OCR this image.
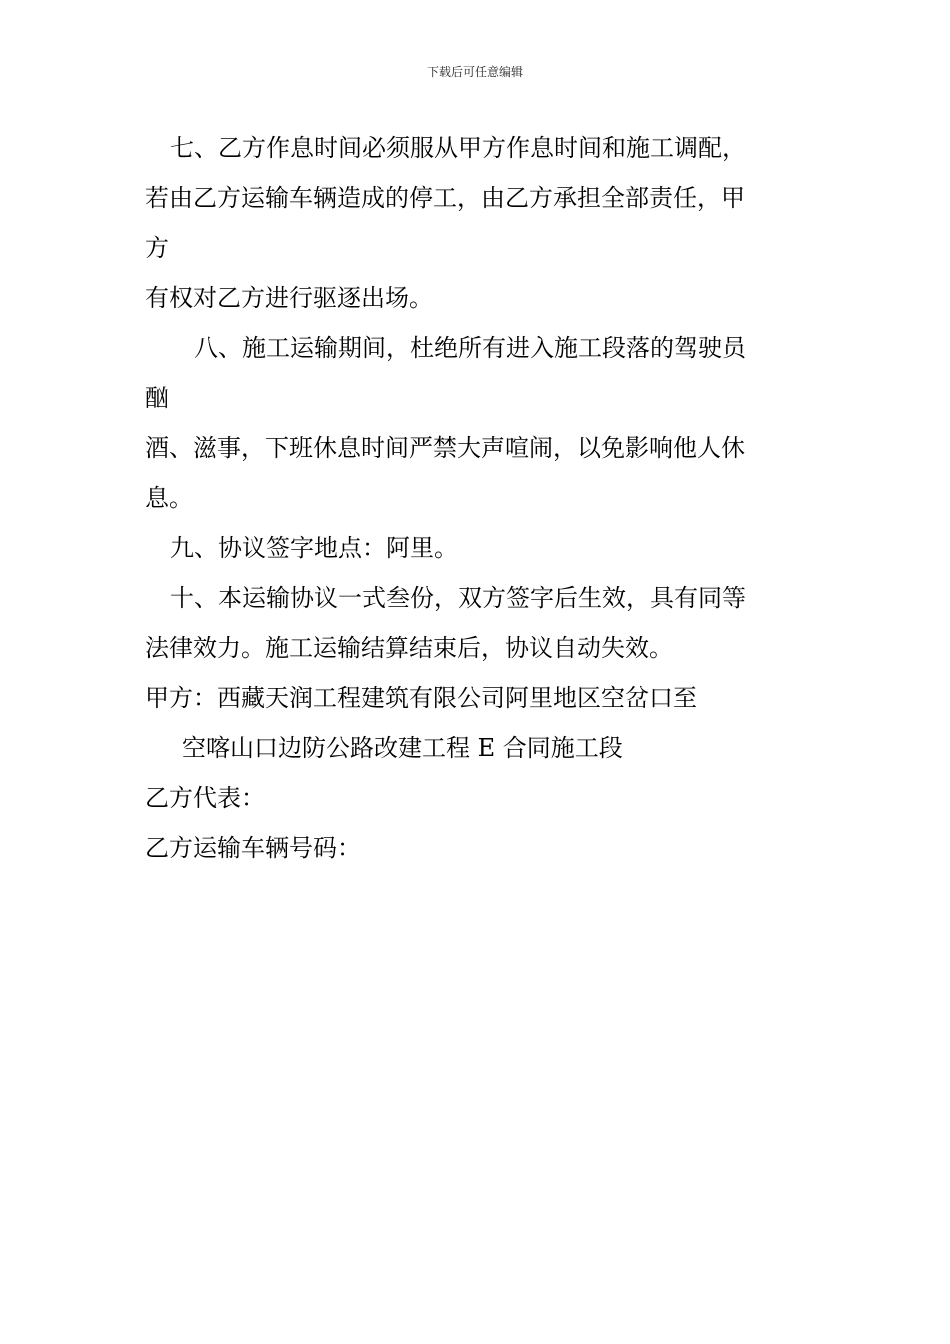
下载后可任意编辑
七、乙方作息时间必须服从甲方作息时间和施工调配，
若由乙方运输车辆造成的停工，由乙方承担全部责任，甲
方
有权对乙方进行驱逐出场。
八、施工运输期间，杜绝所有进入施工段落的驾驶员
酗
酒、滋事，下班休息时间严禁大声喧闹，以免影响他人休
息。
九、协议签字地点：阿里。
十、本运输协议一式叁份，双方签字后生效，具有同等
法律效力。施工运输结算结束后，协议自动失效。
甲方：西藏天润工程建筑有限公司阿里地区空岔口至
空喀山口边防公路改建工程 E 合同施工段
乙方代表：
乙方运输车辆号码：
